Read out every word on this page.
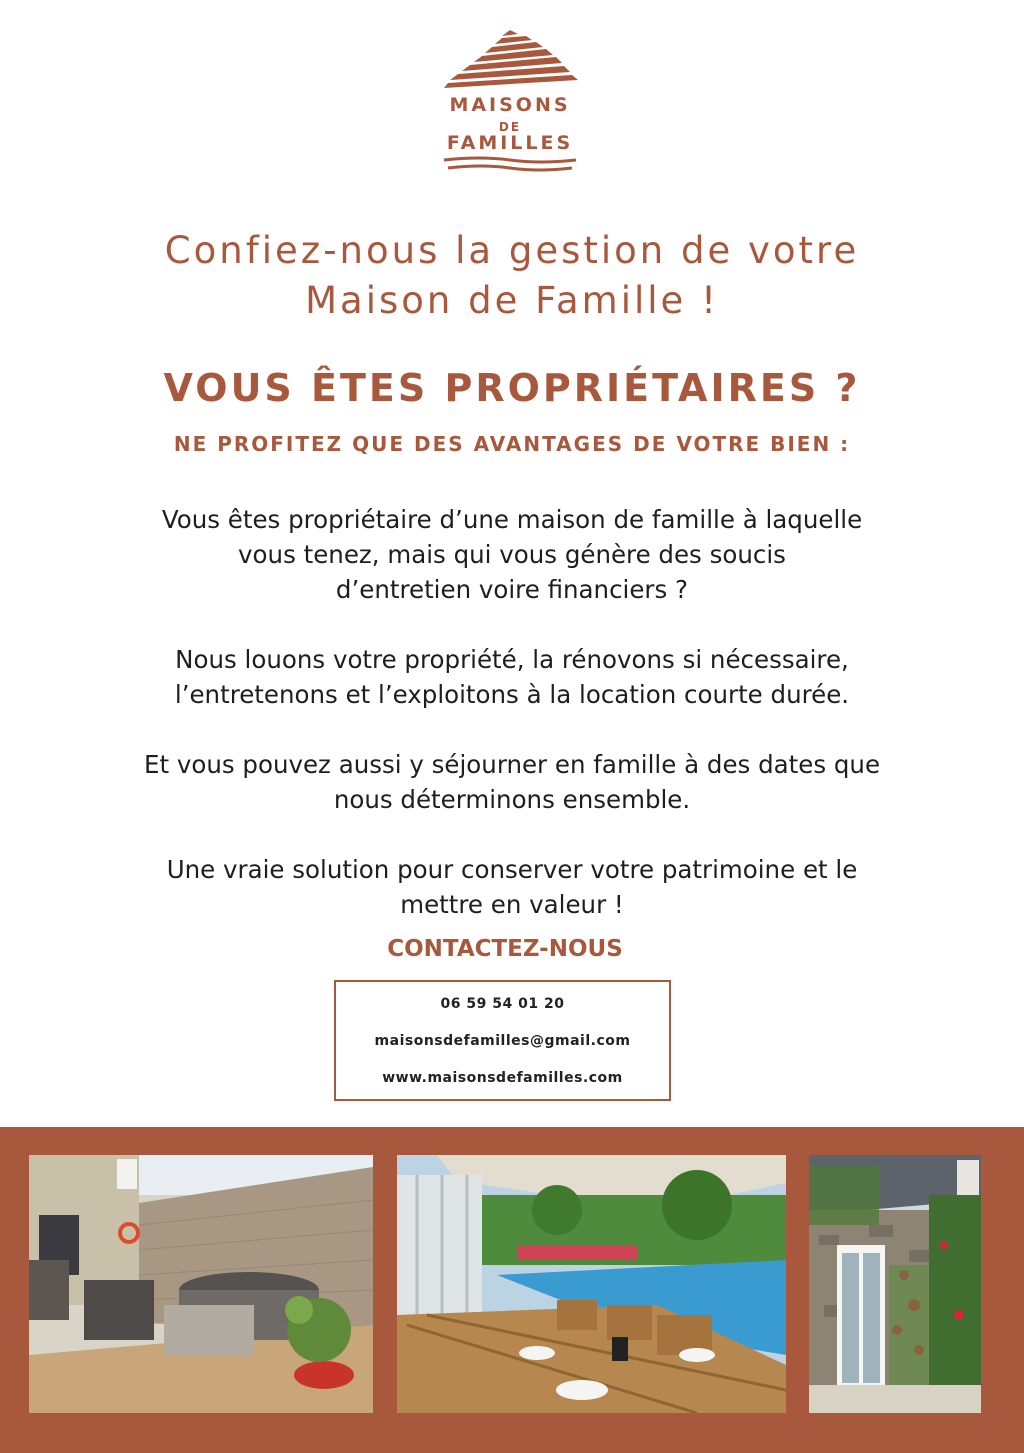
MAISONS
DE
FAMILLES
Confiez-nous la gestion de votre
Maison de Famille !
VOUS ÊTES PROPRIÉTAIRES ?
NE PROFITEZ QUE DES AVANTAGES DE VOTRE BIEN :

Vous êtes propriétaire d’une maison de famille à laquelle
vous tenez, mais qui vous génère des soucis
d’entretien voire financiers ?

Nous louons votre propriété, la rénovons si nécessaire,
l’entretenons et l’exploitons à la location courte durée.

Et vous pouvez aussi y séjourner en famille à des dates que
nous déterminons ensemble.

Une vraie solution pour conserver votre patrimoine et le
mettre en valeur !

CONTACTEZ-NOUS
06 59 54 01 20
maisonsdefamilles@gmail.com
www.maisonsdefamilles.com
